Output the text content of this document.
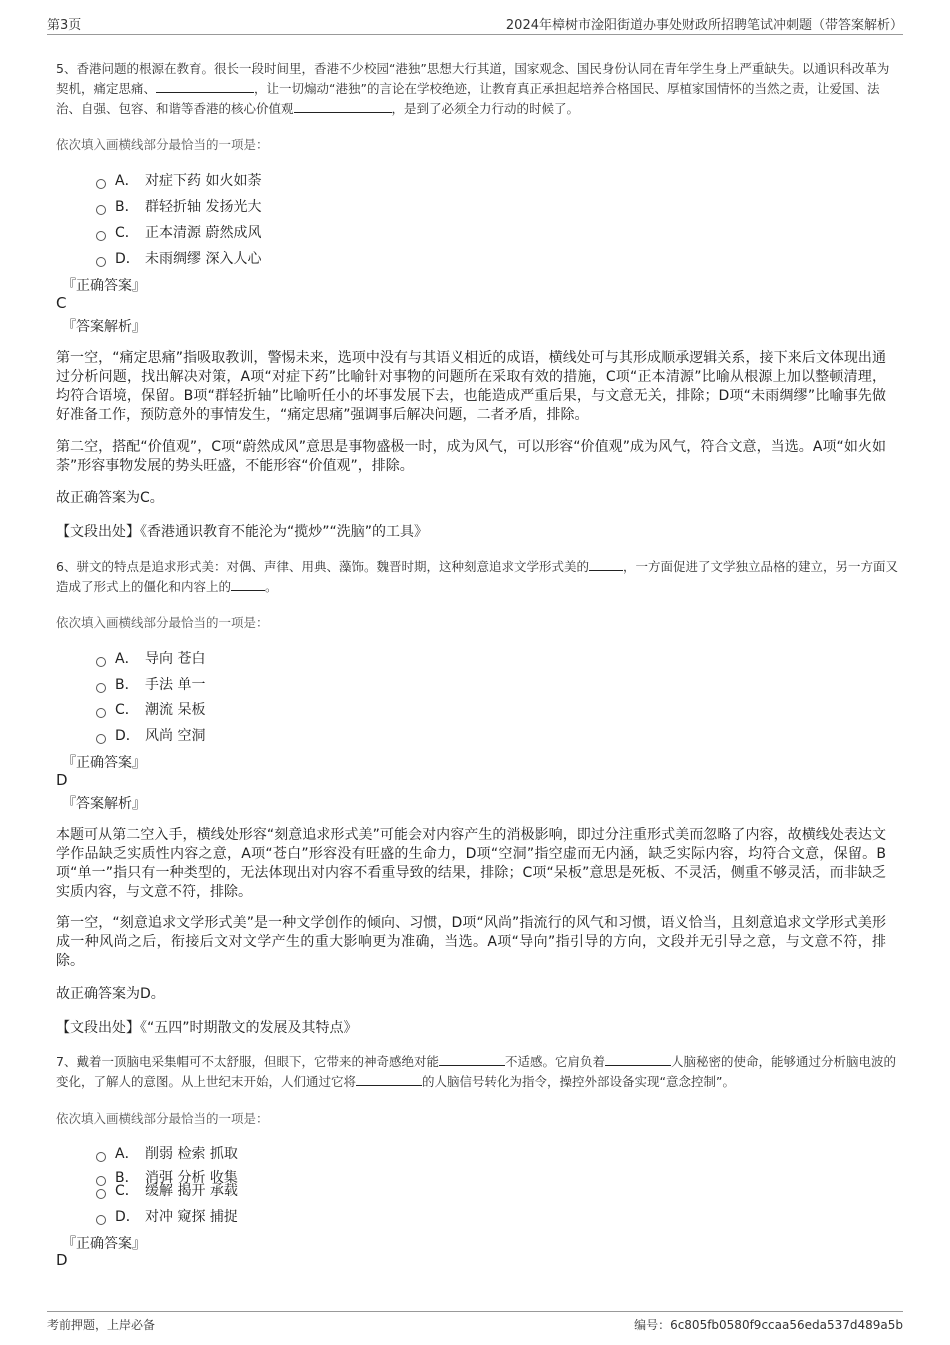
第3页	2024年樟树市淦阳街道办事处财政所招聘笔试冲刺题（带答案解析）
5、香港问题的根源在教育。很长一段时间里，香港不少校园“港独”思想大行其道，国家观念、国民身份认同在青年学生身上严重缺失。以通识科改革为契机，痛定思痛、	，让一切煽动“港独”的言论在学校绝迹，让教育真正承担起培养合格国民、厚植家国情怀的当然之责，让爱国、法治、自强、包容、和谐等香港的核心价值观	，是到了必须全力行动的时候了。
依次填入画横线部分最恰当的一项是：
A． 对症下药 如火如荼
B． 群轻折轴 发扬光大
C． 正本清源 蔚然成风
D． 未雨绸缪 深入人心
『正确答案』
C
『答案解析』
第一空，“痛定思痛”指吸取教训，警惕未来，选项中没有与其语义相近的成语，横线处可与其形成顺承逻辑关系，接下来后文体现出通过分析问题，找出解决对策，A项“对症下药”比喻针对事物的问题所在采取有效的措施，C项“正本清源”比喻从根源上加以整顿清理，均符合语境，保留。B项“群轻折轴”比喻听任小的坏事发展下去，也能造成严重后果，与文意无关，排除；D项“未雨绸缪”比喻事先做好准备工作，预防意外的事情发生，“痛定思痛”强调事后解决问题，二者矛盾，排除。
第二空，搭配“价值观”，C项“蔚然成风”意思是事物盛极一时，成为风气，可以形容“价值观”成为风气，符合文意，当选。A项“如火如荼”形容事物发展的势头旺盛，不能形容“价值观”，排除。
故正确答案为C。
【文段出处】《香港通识教育不能沦为“揽炒”“洗脑”的工具》
6、骈文的特点是追求形式美：对偶、声律、用典、藻饰。魏晋时期，这种刻意追求文学形式美的	，一方面促进了文学独立品格的建立，另一方面又造成了形式上的僵化和内容上的	。
依次填入画横线部分最恰当的一项是：
A． 导向 苍白
B． 手法 单一
C． 潮流 呆板
D． 风尚 空洞
『正确答案』
D
『答案解析』
本题可从第二空入手，横线处形容“刻意追求形式美”可能会对内容产生的消极影响，即过分注重形式美而忽略了内容，故横线处表达文学作品缺乏实质性内容之意，A项“苍白”形容没有旺盛的生命力，D项“空洞”指空虚而无内涵，缺乏实际内容，均符合文意，保留。B项“单一”指只有一种类型的，无法体现出对内容不看重导致的结果，排除；C项“呆板”意思是死板、不灵活，侧重不够灵活，而非缺乏实质内容，与文意不符，排除。
第一空，“刻意追求文学形式美”是一种文学创作的倾向、习惯，D项“风尚”指流行的风气和习惯，语义恰当，且刻意追求文学形式美形成一种风尚之后，衔接后文对文学产生的重大影响更为准确，当选。A项“导向”指引导的方向，文段并无引导之意，与文意不符，排除。
故正确答案为D。
【文段出处】《“五四”时期散文的发展及其特点》
7、戴着一顶脑电采集帽可不太舒服，但眼下，它带来的神奇感绝对能	不适感。它肩负着	人脑秘密的使命，能够通过分析脑电波的变化，了解人的意图。从上世纪末开始，人们通过它将	的人脑信号转化为指令，操控外部设备实现“意念控制”。
依次填入画横线部分最恰当的一项是：
A． 削弱 检索 抓取
B． 消弭 分析 收集
C． 缓解 揭开 承载
D． 对冲 窥探 捕捉
『正确答案』
D
考前押题，上岸必备	编号：6c805fb0580f9ccaa56eda537d489a5b
